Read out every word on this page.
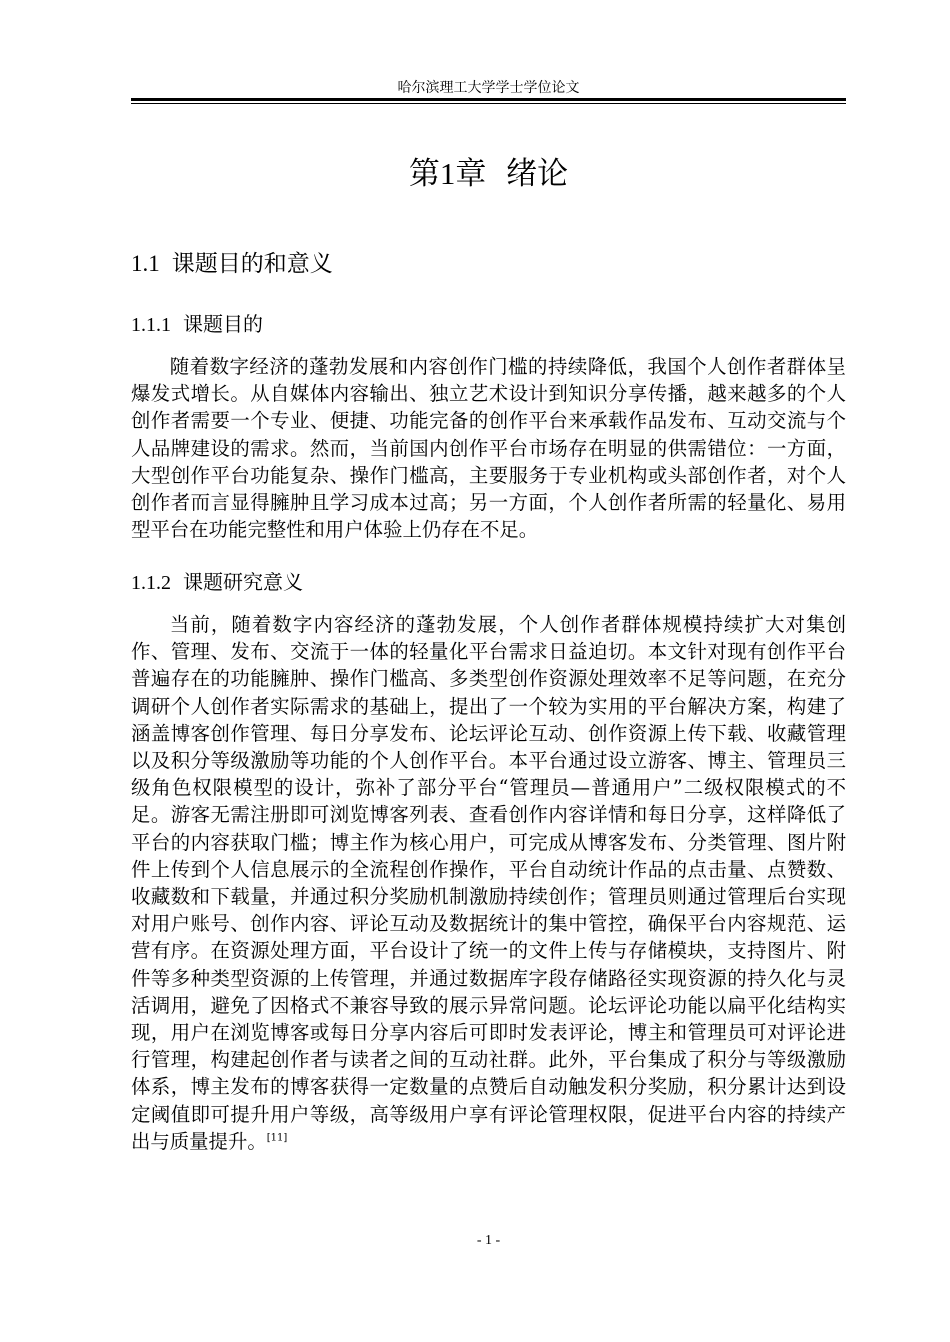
哈尔滨理工大学学士学位论文
第1章 绪论
1.1 课题目的和意义
1.1.1 课题目的

随着数字经济的蓬勃发展和内容创作门槛的持续降低，我国个人创作者群体呈爆发式增长。从自媒体内容输出、独立艺术设计到知识分享传播，越来越多的个人创作者需要一个专业、便捷、功能完备的创作平台来承载作品发布、互动交流与个人品牌建设的需求。然而，当前国内创作平台市场存在明显的供需错位：一方面，大型创作平台功能复杂、操作门槛高，主要服务于专业机构或头部创作者，对个人创作者而言显得臃肿且学习成本过高；另一方面，个人创作者所需的轻量化、易用型平台在功能完整性和用户体验上仍存在不足。

1.1.2 课题研究意义

当前，随着数字内容经济的蓬勃发展，个人创作者群体规模持续扩大对集创作、管理、发布、交流于一体的轻量化平台需求日益迫切。本文针对现有创作平台普遍存在的功能臃肿、操作门槛高、多类型创作资源处理效率不足等问题，在充分调研个人创作者实际需求的基础上，提出了一个较为实用的平台解决方案，构建了涵盖博客创作管理、每日分享发布、论坛评论互动、创作资源上传下载、收藏管理以及积分等级激励等功能的个人创作平台。本平台通过设立游客、博主、管理员三级角色权限模型的设计，弥补了部分平台“管理员—普通用户”二级权限模式的不足。游客无需注册即可浏览博客列表、查看创作内容详情和每日分享，这样降低了平台的内容获取门槛；博主作为核心用户，可完成从博客发布、分类管理、图片附件上传到个人信息展示的全流程创作操作，平台自动统计作品的点击量、点赞数、收藏数和下载量，并通过积分奖励机制激励持续创作；管理员则通过管理后台实现对用户账号、创作内容、评论互动及数据统计的集中管控，确保平台内容规范、运营有序。在资源处理方面，平台设计了统一的文件上传与存储模块，支持图片、附件等多种类型资源的上传管理，并通过数据库字段存储路径实现资源的持久化与灵活调用，避免了因格式不兼容导致的展示异常问题。论坛评论功能以扁平化结构实现，用户在浏览博客或每日分享内容后可即时发表评论，博主和管理员可对评论进行管理，构建起创作者与读者之间的互动社群。此外，平台集成了积分与等级激励体系，博主发布的博客获得一定数量的点赞后自动触发积分奖励，积分累计达到设定阈值即可提升用户等级，高等级用户享有评论管理权限，促进平台内容的持续产出与质量提升。[11]

- 1 -
